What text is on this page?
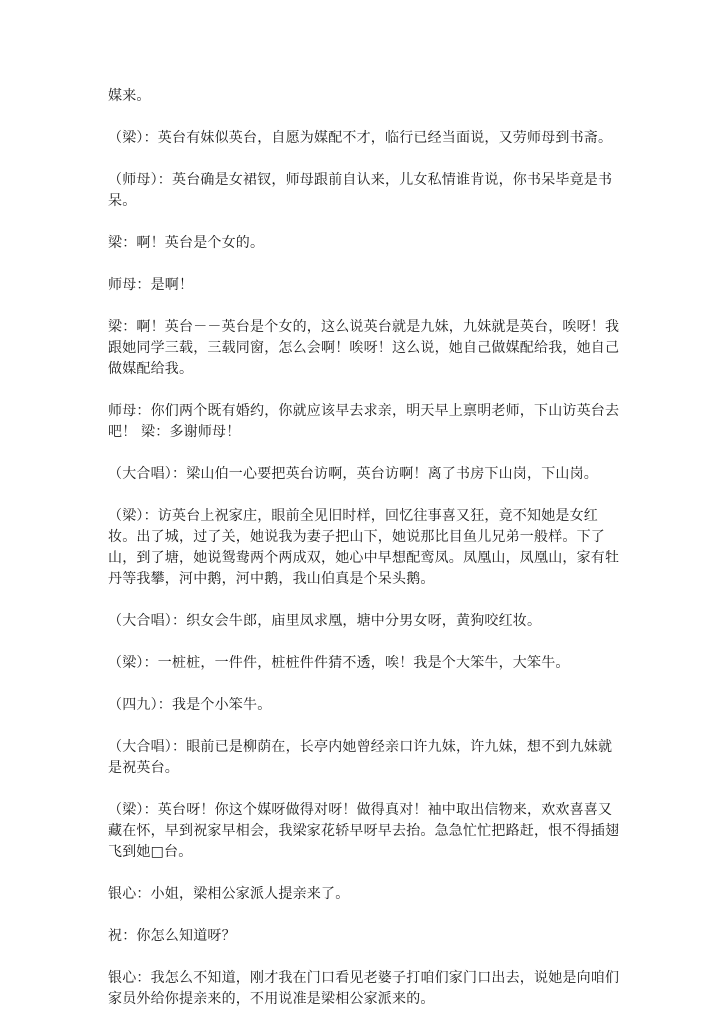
媒来。

（梁）：英台有妹似英台，自愿为媒配不才，临行已经当面说，又劳师母到书斋。

（师母）：英台确是女裙钗，师母跟前自认来，儿女私情谁肯说，你书呆毕竟是书呆。

梁：啊！英台是个女的。

师母：是啊！

梁：啊！英台－－英台是个女的，这么说英台就是九妹，九妹就是英台，唉呀！我跟她同学三载，三载同窗，怎么会啊！唉呀！这么说，她自己做媒配给我，她自己做媒配给我。

师母：你们两个既有婚约，你就应该早去求亲，明天早上禀明老师，下山访英台去吧！ 梁：多谢师母！

（大合唱）：梁山伯一心要把英台访啊，英台访啊！离了书房下山岗，下山岗。

（梁）：访英台上祝家庄，眼前全见旧时样，回忆往事喜又狂，竟不知她是女红妆。出了城，过了关，她说我为妻子把山下，她说那比目鱼儿兄弟一般样。下了山，到了塘，她说鸳鸯两个两成双，她心中早想配鸾凤。凤凰山，凤凰山，家有牡丹等我攀，河中鹅，河中鹅，我山伯真是个呆头鹅。

（大合唱）：织女会牛郎，庙里凤求凰，塘中分男女呀，黄狗咬红妆。

（梁）：一桩桩，一件件，桩桩件件猜不透，唉！我是个大笨牛，大笨牛。

（四九）：我是个小笨牛。

（大合唱）：眼前已是柳荫在，长亭内她曾经亲口许九妹，许九妹，想不到九妹就是祝英台。

（梁）：英台呀！你这个媒呀做得对呀！做得真对！袖中取出信物来，欢欢喜喜又藏在怀，早到祝家早相会，我梁家花轿早呀早去抬。急急忙忙把路赶，恨不得插翅飞到她□台。

银心：小姐，梁相公家派人提亲来了。

祝：你怎么知道呀？

银心：我怎么不知道，刚才我在门口看见老婆子打咱们家门口出去，说她是向咱们家员外给你提亲来的，不用说准是梁相公家派来的。
